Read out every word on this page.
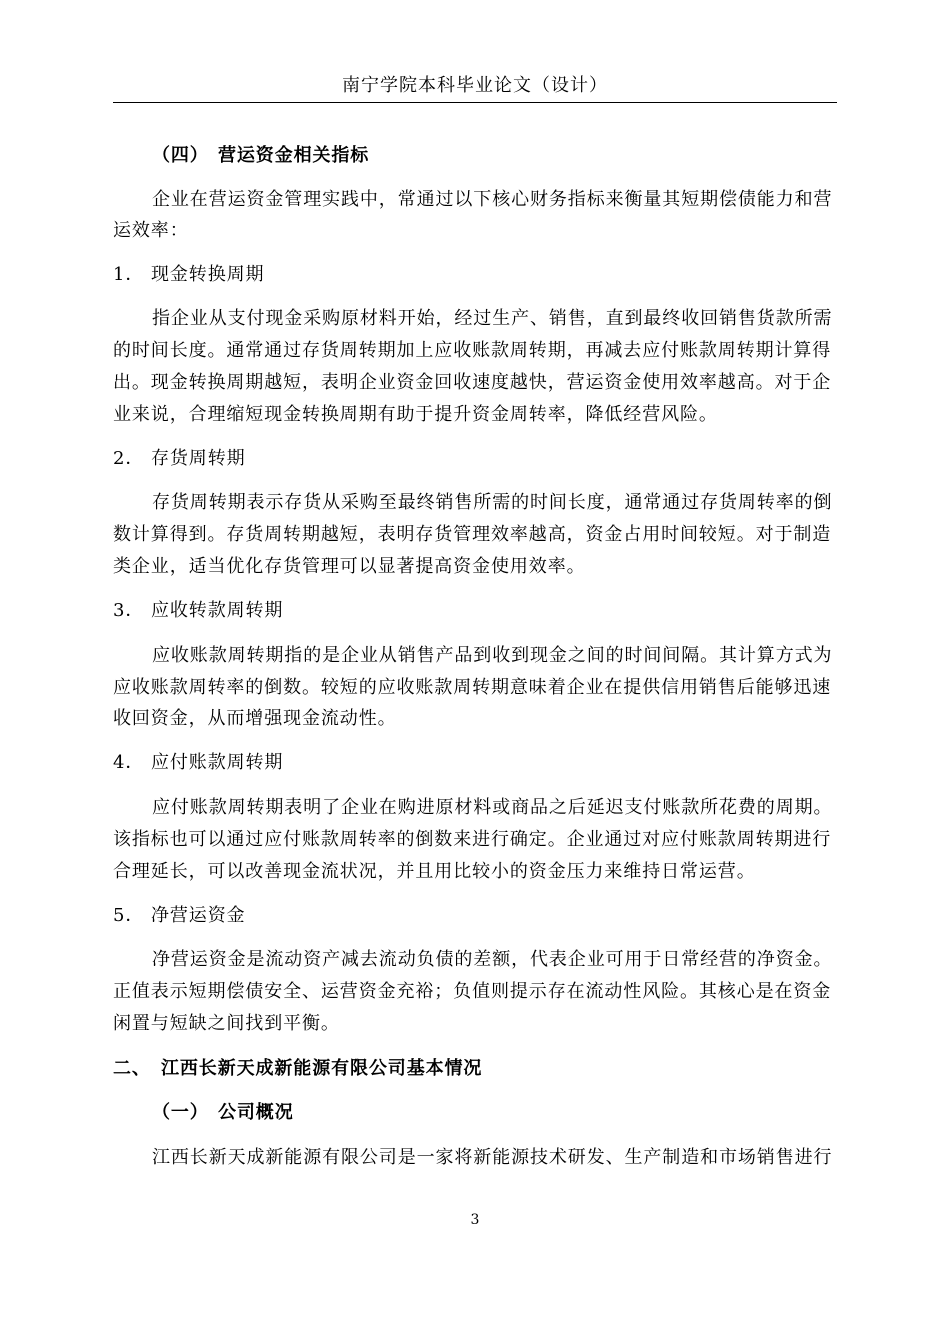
南宁学院本科毕业论文（设计）
（四） 营运资金相关指标
企业在营运资金管理实践中，常通过以下核心财务指标来衡量其短期偿债能力和营
运效率：
1． 现金转换周期
指企业从支付现金采购原材料开始，经过生产、销售，直到最终收回销售货款所需
的时间长度。通常通过存货周转期加上应收账款周转期，再减去应付账款周转期计算得
出。现金转换周期越短，表明企业资金回收速度越快，营运资金使用效率越高。对于企
业来说，合理缩短现金转换周期有助于提升资金周转率，降低经营风险。
2． 存货周转期
存货周转期表示存货从采购至最终销售所需的时间长度，通常通过存货周转率的倒
数计算得到。存货周转期越短，表明存货管理效率越高，资金占用时间较短。对于制造
类企业，适当优化存货管理可以显著提高资金使用效率。
3． 应收转款周转期
应收账款周转期指的是企业从销售产品到收到现金之间的时间间隔。其计算方式为
应收账款周转率的倒数。较短的应收账款周转期意味着企业在提供信用销售后能够迅速
收回资金，从而增强现金流动性。
4． 应付账款周转期
应付账款周转期表明了企业在购进原材料或商品之后延迟支付账款所花费的周期。
该指标也可以通过应付账款周转率的倒数来进行确定。企业通过对应付账款周转期进行
合理延长，可以改善现金流状况，并且用比较小的资金压力来维持日常运营。
5． 净营运资金
净营运资金是流动资产减去流动负债的差额，代表企业可用于日常经营的净资金。
正值表示短期偿债安全、运营资金充裕；负值则提示存在流动性风险。其核心是在资金
闲置与短缺之间找到平衡。
二、 江西长新天成新能源有限公司基本情况
（一） 公司概况
江西长新天成新能源有限公司是一家将新能源技术研发、生产制造和市场销售进行
3
